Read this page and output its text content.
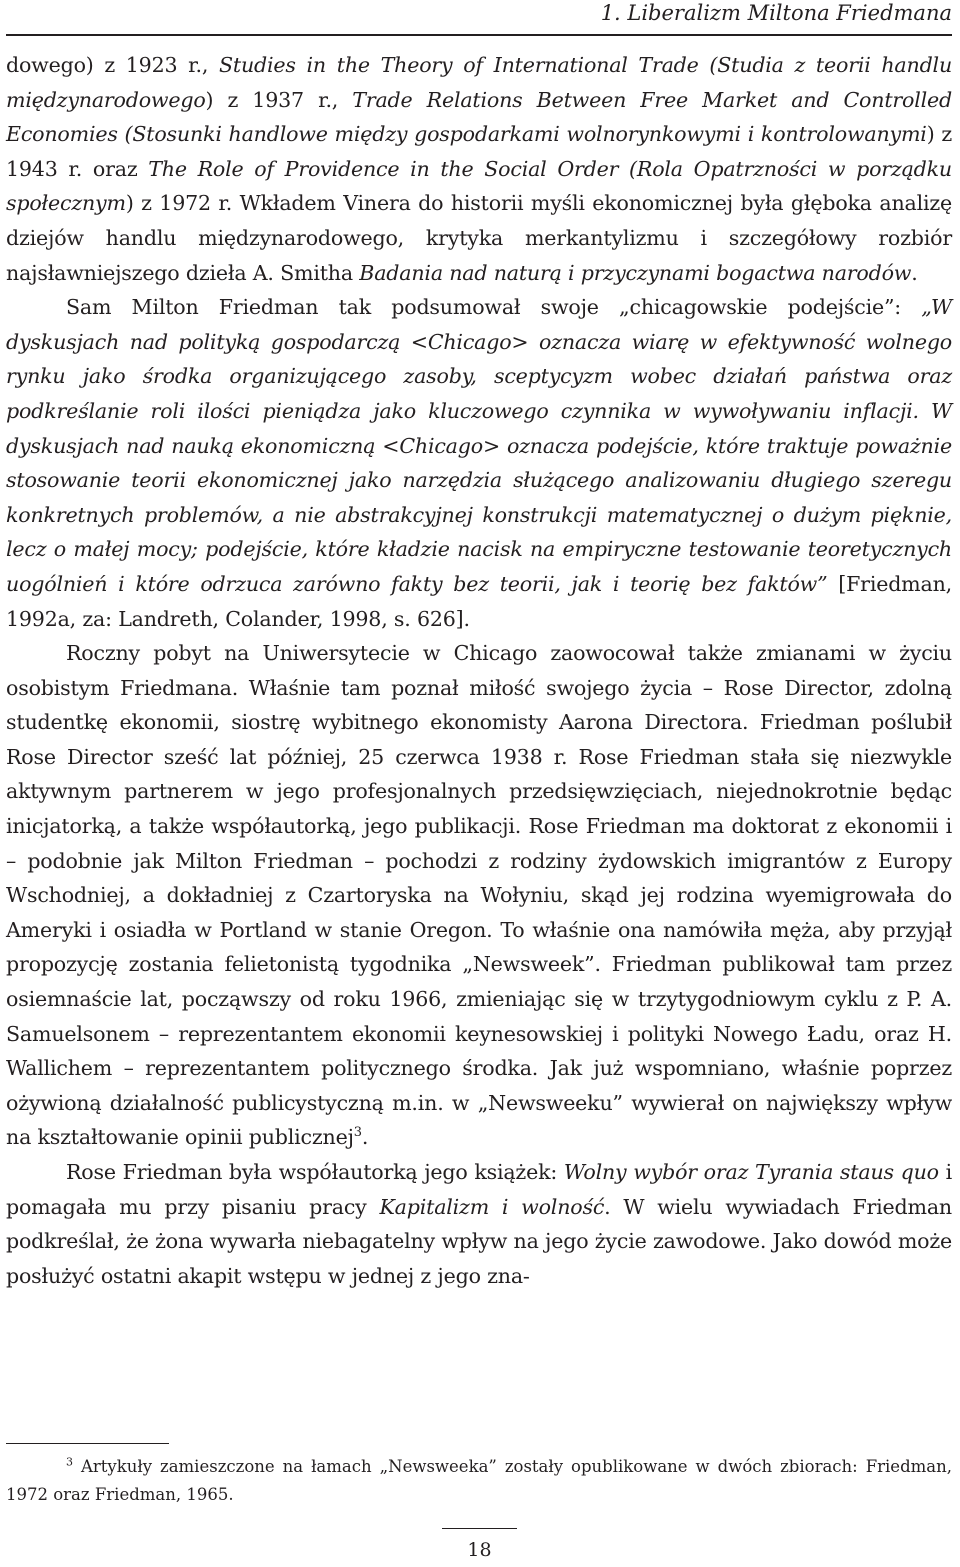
1. Liberalizm Miltona Friedmana

dowego) z 1923 r., Studies in the Theory of International Trade (Studia z teorii handlu międzynarodowego) z 1937 r., Trade Relations Between Free Market and Controlled Economies (Stosunki handlowe między gospodarkami wolnorynkowymi i kontrolowanymi) z 1943 r. oraz The Role of Providence in the Social Order (Rola Opatrzności w porządku społecznym) z 1972 r. Wkładem Vinera do historii myśli ekonomicznej była głęboka analizę dziejów handlu międzynarodowego, krytyka merkantylizmu i szczegółowy rozbiór najsławniejszego dzieła A. Smitha Badania nad naturą i przyczynami bogactwa narodów.

Sam Milton Friedman tak podsumował swoje „chicagowskie podejście”: „W dyskusjach nad polityką gospodarczą <Chicago> oznacza wiarę w efektywność wolnego rynku jako środka organizującego zasoby, sceptycyzm wobec działań państwa oraz podkreślanie roli ilości pieniądza jako kluczowego czynnika w wywoływaniu inflacji. W dyskusjach nad nauką ekonomiczną <Chicago> oznacza podejście, które traktuje poważnie stosowanie teorii ekonomicznej jako narzędzia służącego analizowaniu długiego szeregu konkretnych problemów, a nie abstrakcyjnej konstrukcji matematycznej o dużym pięknie, lecz o małej mocy; podejście, które kładzie nacisk na empiryczne testowanie teoretycznych uogólnień i które odrzuca zarówno fakty bez teorii, jak i teorię bez faktów” [Friedman, 1992a, za: Landreth, Colander, 1998, s. 626].

Roczny pobyt na Uniwersytecie w Chicago zaowocował także zmianami w życiu osobistym Friedmana. Właśnie tam poznał miłość swojego życia – Rose Director, zdolną studentkę ekonomii, siostrę wybitnego ekonomisty Aarona Directora. Friedman poślubił Rose Director sześć lat później, 25 czerwca 1938 r. Rose Friedman stała się niezwykle aktywnym partnerem w jego profesjonalnych przedsięwzięciach, niejednokrotnie będąc inicjatorką, a także współautorką, jego publikacji. Rose Friedman ma doktorat z ekonomii i – podobnie jak Milton Friedman – pochodzi z rodziny żydowskich imigrantów z Europy Wschodniej, a dokładniej z Czartoryska na Wołyniu, skąd jej rodzina wyemigrowała do Ameryki i osiadła w Portland w stanie Oregon. To właśnie ona namówiła męża, aby przyjął propozycję zostania felietonistą tygodnika „Newsweek”. Friedman publikował tam przez osiemnaście lat, począwszy od roku 1966, zmieniając się w trzytygodniowym cyklu z P. A. Samuelsonem – reprezentantem ekonomii keynesowskiej i polityki Nowego Ładu, oraz H. Wallichem – reprezentantem politycznego środka. Jak już wspomniano, właśnie poprzez ożywioną działalność publicystyczną m.in. w „Newsweeku” wywierał on największy wpływ na kształtowanie opinii publicznej$^3$.

Rose Friedman była współautorką jego książek: Wolny wybór oraz Tyrania staus quo i pomagała mu przy pisaniu pracy Kapitalizm i wolność. W wielu wywiadach Friedman podkreślał, że żona wywarła niebagatelny wpływ na jego życie zawodowe. Jako dowód może posłużyć ostatni akapit wstępu w jednej z jego zna-

$^3$ Artykuły zamieszczone na łamach „Newsweeka” zostały opublikowane w dwóch zbiorach: Friedman, 1972 oraz Friedman, 1965.

18
